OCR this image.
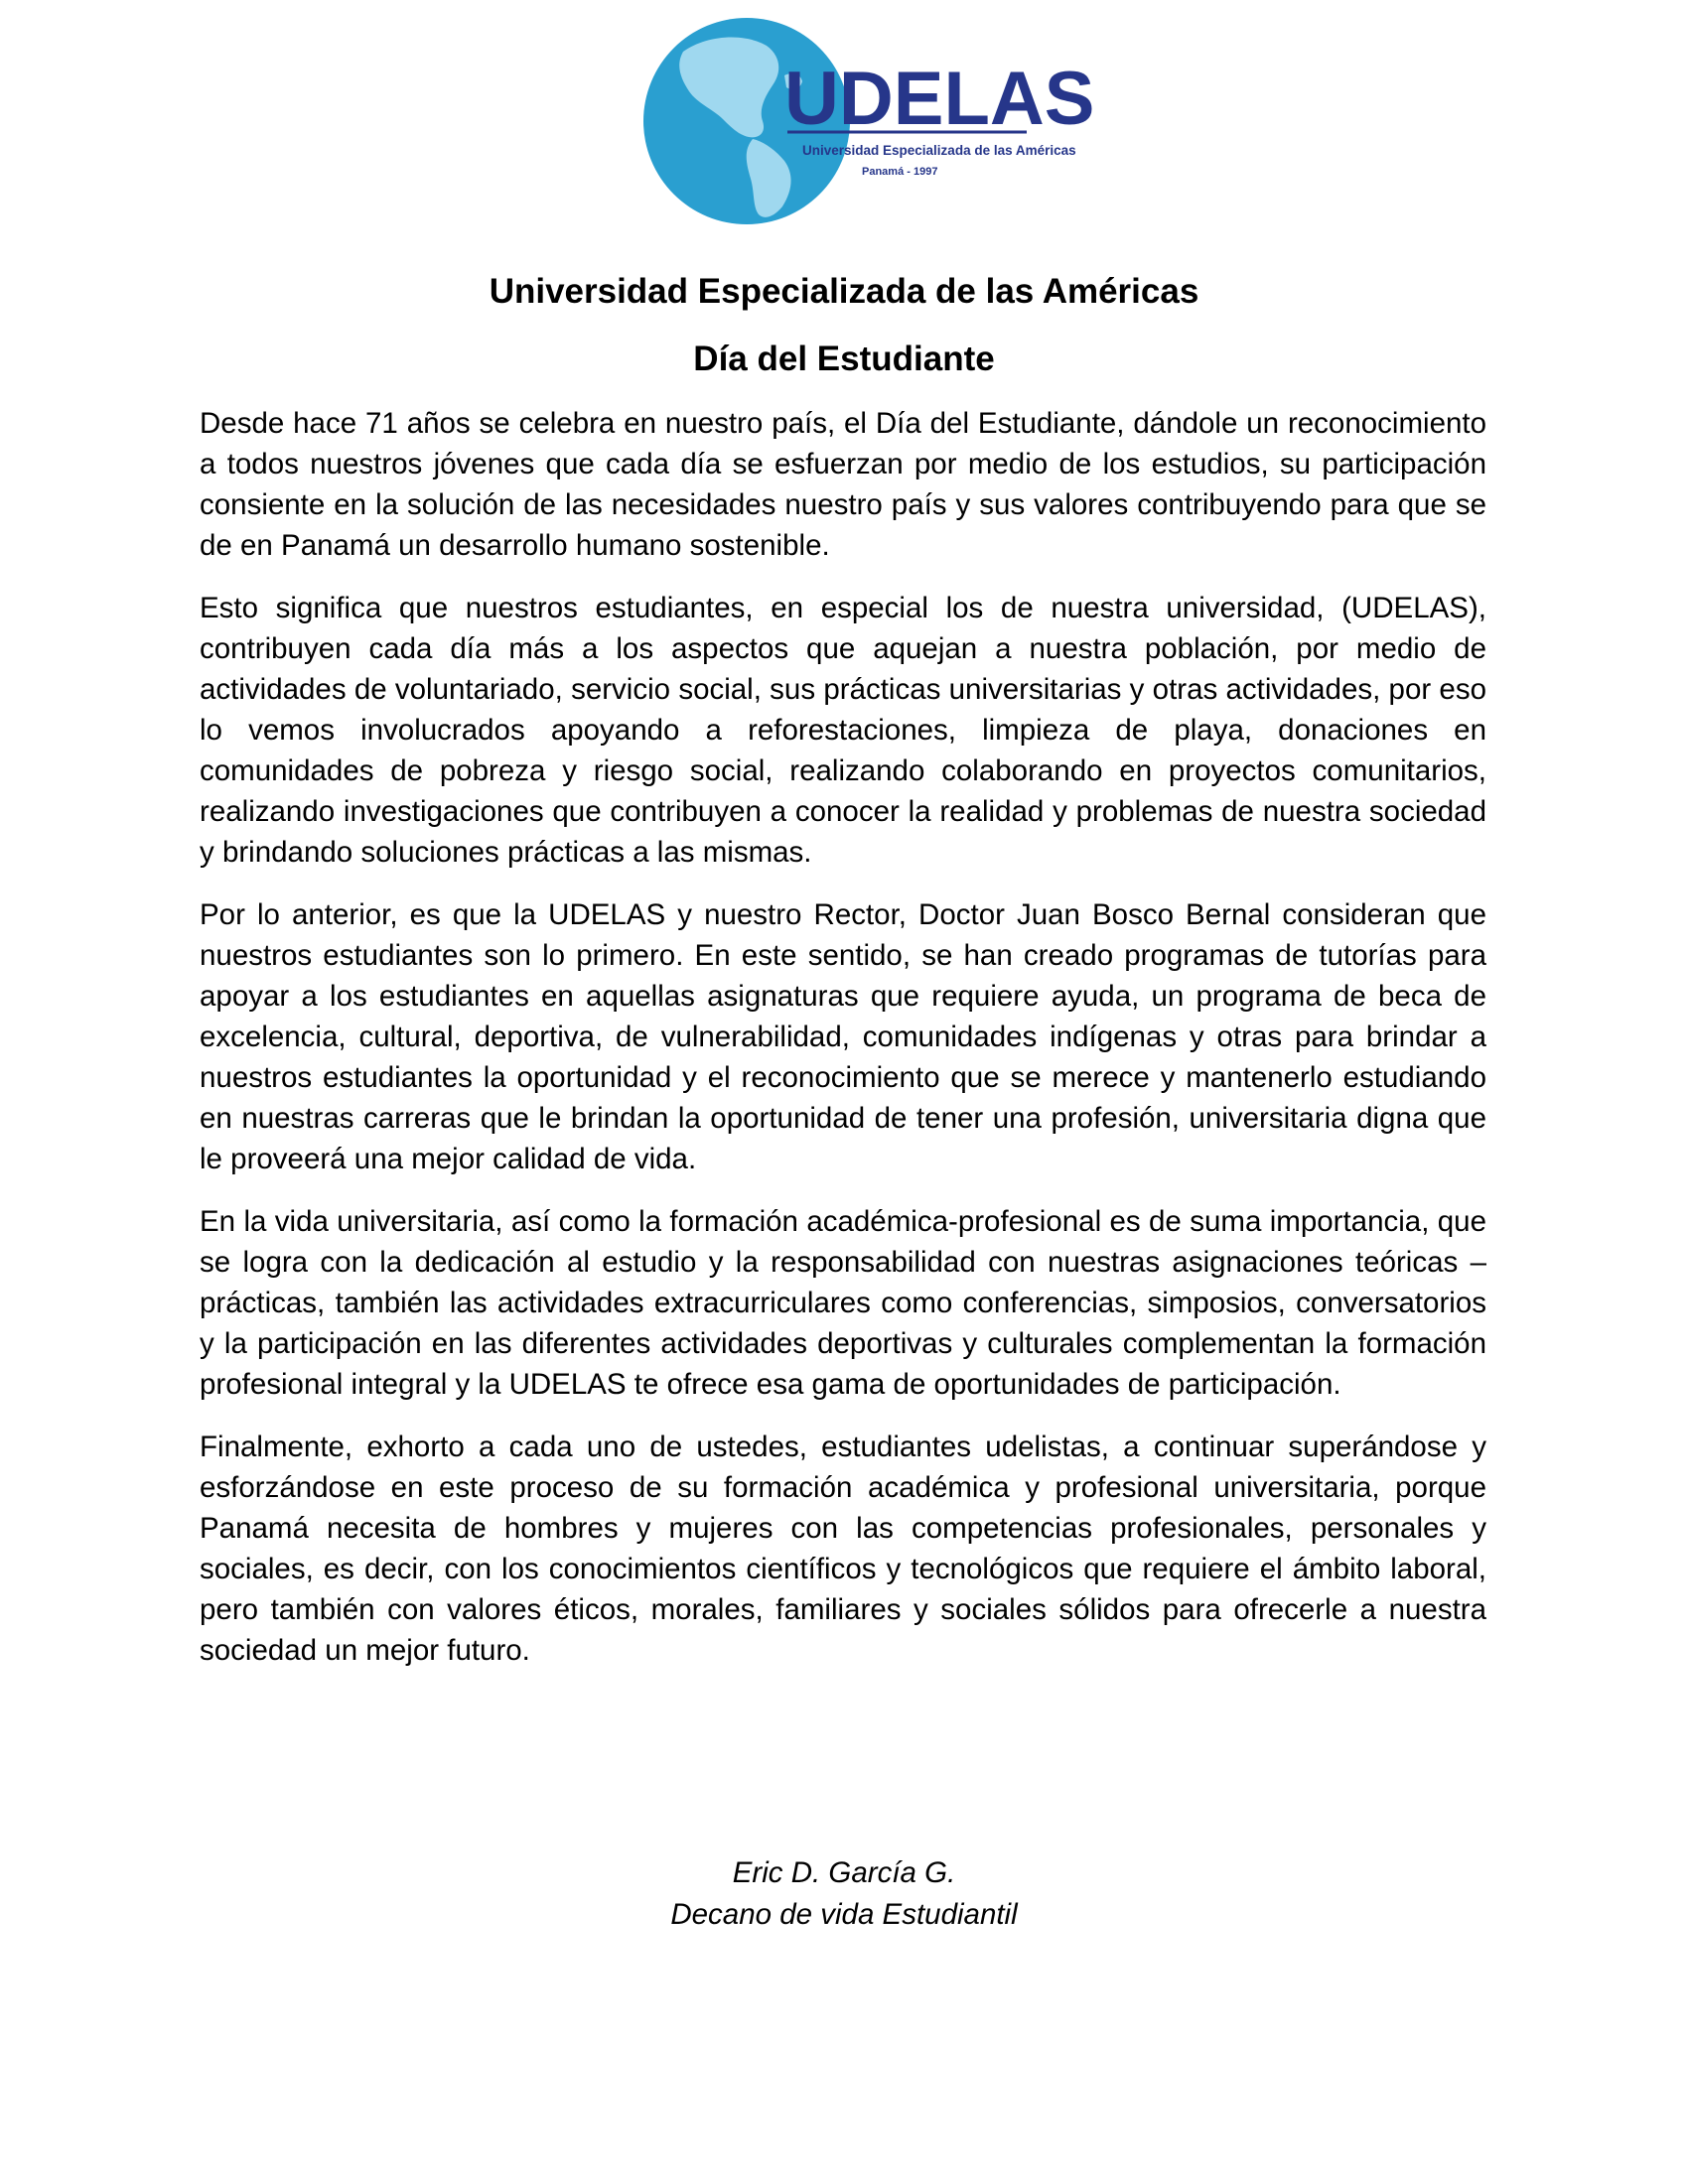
UDELAS
Universidad Especializada de las Américas
Panamá - 1997
Universidad Especializada de las Américas
Día del Estudiante

Desde hace 71 años se celebra en nuestro país, el Día del Estudiante, dándole un reconocimiento a todos nuestros jóvenes que cada día se esfuerzan por medio de los estudios, su participación consiente en la solución de las necesidades nuestro país y sus valores contribuyendo para que se de en Panamá un desarrollo humano sostenible.

Esto significa que nuestros estudiantes, en especial los de nuestra universidad, (UDELAS), contribuyen cada día más a los aspectos que aquejan a nuestra población, por medio de actividades de voluntariado, servicio social, sus prácticas universitarias y otras actividades, por eso lo vemos involucrados apoyando a reforestaciones, limpieza de playa, donaciones en comunidades de pobreza y riesgo social, realizando colaborando en proyectos comunitarios, realizando investigaciones que contribuyen a conocer la realidad y problemas de nuestra sociedad y brindando soluciones prácticas a las mismas.

Por lo anterior, es que la UDELAS y nuestro Rector, Doctor Juan Bosco Bernal consideran que nuestros estudiantes son lo primero. En este sentido, se han creado programas de tutorías para apoyar a los estudiantes en aquellas asignaturas que requiere ayuda, un programa de beca de excelencia, cultural, deportiva, de vulnerabilidad, comunidades indígenas y otras para brindar a nuestros estudiantes la oportunidad y el reconocimiento que se merece y mantenerlo estudiando en nuestras carreras que le brindan la oportunidad de tener una profesión, universitaria digna que le proveerá una mejor calidad de vida.

En la vida universitaria, así como la formación académica-profesional es de suma importancia, que se logra con la dedicación al estudio y la responsabilidad con nuestras asignaciones teóricas – prácticas, también las actividades extracurriculares como conferencias, simposios, conversatorios y la participación en las diferentes actividades deportivas y culturales complementan la formación profesional integral y la UDELAS te ofrece esa gama de oportunidades de participación.

Finalmente, exhorto a cada uno de ustedes, estudiantes udelistas, a continuar superándose y esforzándose en este proceso de su formación académica y profesional universitaria, porque Panamá necesita de hombres y mujeres con las competencias profesionales, personales y sociales, es decir, con los conocimientos científicos y tecnológicos que requiere el ámbito laboral, pero también con valores éticos, morales, familiares y sociales sólidos para ofrecerle a nuestra sociedad un mejor futuro.

Eric D. García G.
Decano de vida Estudiantil
